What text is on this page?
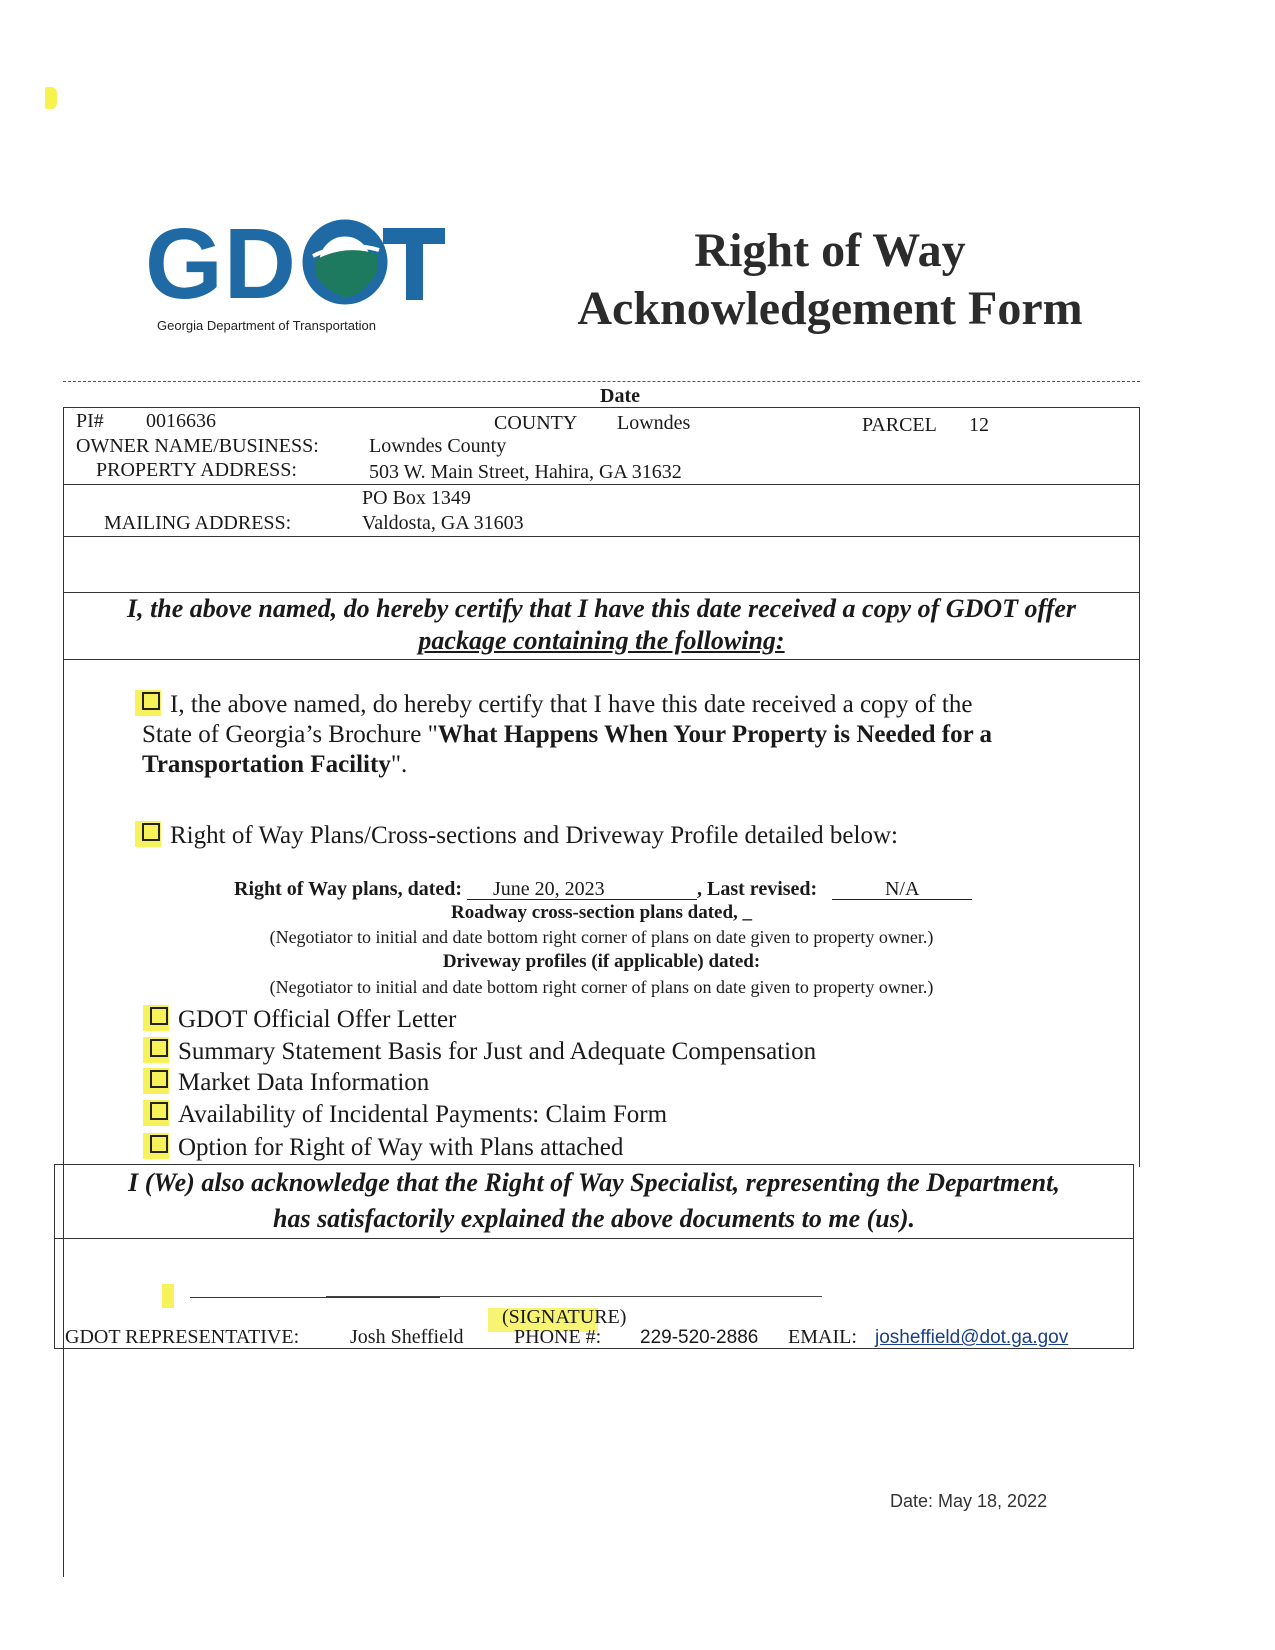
GD
Georgia Department of Transportation
Right of Way
Acknowledgement Form
Date
PI# 0016636	COUNTY Lowndes	PARCEL 12
OWNER NAME/BUSINESS:	Lowndes County
PROPERTY ADDRESS:	503 W. Main Street, Hahira, GA 31632
PO Box 1349
MAILING ADDRESS:	Valdosta, GA 31603
I, the above named, do hereby certify that I have this date received a copy of GDOT offer
package containing the following:
I, the above named, do hereby certify that I have this date received a copy of the
State of Georgia’s Brochure "What Happens When Your Property is Needed for a
Transportation Facility".
Right of Way Plans/Cross-sections and Driveway Profile detailed below:
Right of Way plans, dated: June 20, 2023	, Last revised:	N/A
Roadway cross-section plans dated, _
(Negotiator to initial and date bottom right corner of plans on date given to property owner.)
Driveway profiles (if applicable) dated:
(Negotiator to initial and date bottom right corner of plans on date given to property owner.)
GDOT Official Offer Letter
Summary Statement Basis for Just and Adequate Compensation
Market Data Information
Availability of Incidental Payments: Claim Form
Option for Right of Way with Plans attached
I (We) also acknowledge that the Right of Way Specialist, representing the Department,
has satisfactorily explained the above documents to me (us).
(SIGNATURE)
GDOT REPRESENTATIVE:	Josh Sheffield	PHONE #: 229-520-2886 EMAIL: josheffield@dot.ga.gov
Date: May 18, 2022
